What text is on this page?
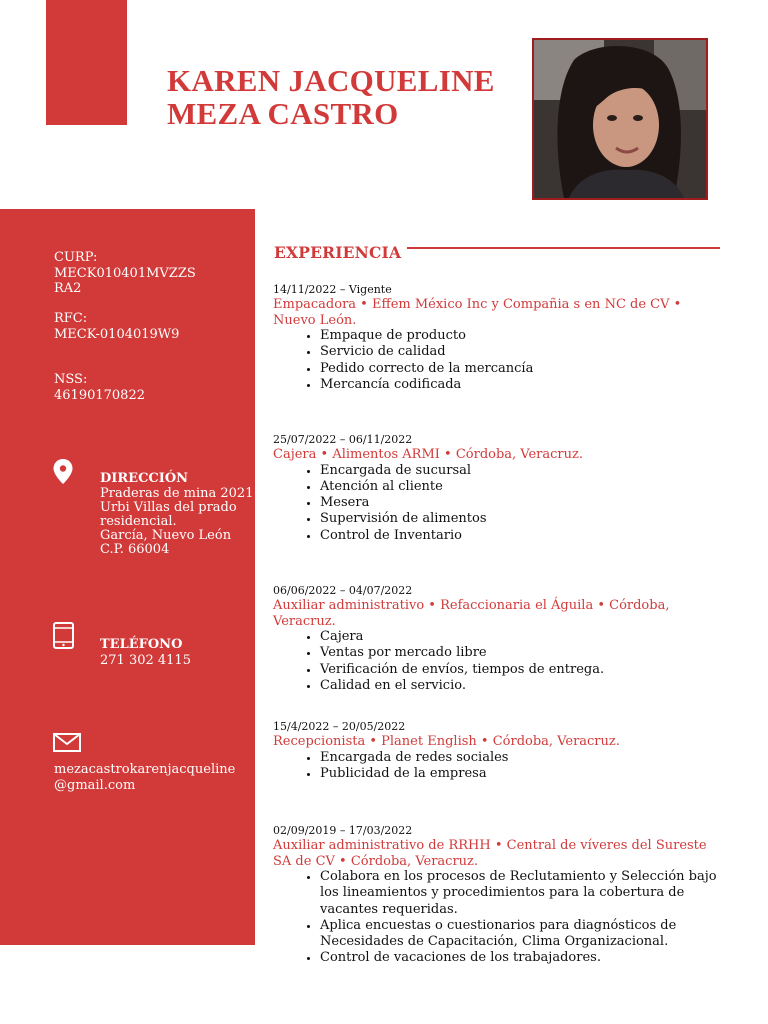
KAREN JACQUELINE
MEZA CASTRO
CURP:
MECK010401MVZZS
RA2
RFC:
MECK-0104019W9
NSS:
46190170822
DIRECCIÓN
Praderas de mina 2021
Urbi Villas del prado
residencial.
García, Nuevo León
C.P. 66004
TELÉFONO
271 302 4115
mezacastrokarenjacqueline
@gmail.com
EXPERIENCIA
14/11/2022 – Vigente
Empacadora • Effem México Inc y Compañia s en NC de CV • Nuevo León.
• Empaque de producto
• Servicio de calidad
• Pedido correcto de la mercancía
• Mercancía codificada
25/07/2022 – 06/11/2022
Cajera • Alimentos ARMI • Córdoba, Veracruz.
• Encargada de sucursal
• Atención al cliente
• Mesera
• Supervisión de alimentos
• Control de Inventario
06/06/2022 – 04/07/2022
Auxiliar administrativo • Refaccionaria el Águila • Córdoba, Veracruz.
• Cajera
• Ventas por mercado libre
• Verificación de envíos, tiempos de entrega.
• Calidad en el servicio.
15/4/2022 – 20/05/2022
Recepcionista • Planet English • Córdoba, Veracruz.
• Encargada de redes sociales
• Publicidad de la empresa
02/09/2019 – 17/03/2022
Auxiliar administrativo de RRHH • Central de víveres del Sureste SA de CV • Córdoba, Veracruz.
• Colabora en los procesos de Reclutamiento y Selección bajo los lineamientos y procedimientos para la cobertura de vacantes requeridas.
• Aplica encuestas o cuestionarios para diagnósticos de Necesidades de Capacitación, Clima Organizacional.
• Control de vacaciones de los trabajadores.
